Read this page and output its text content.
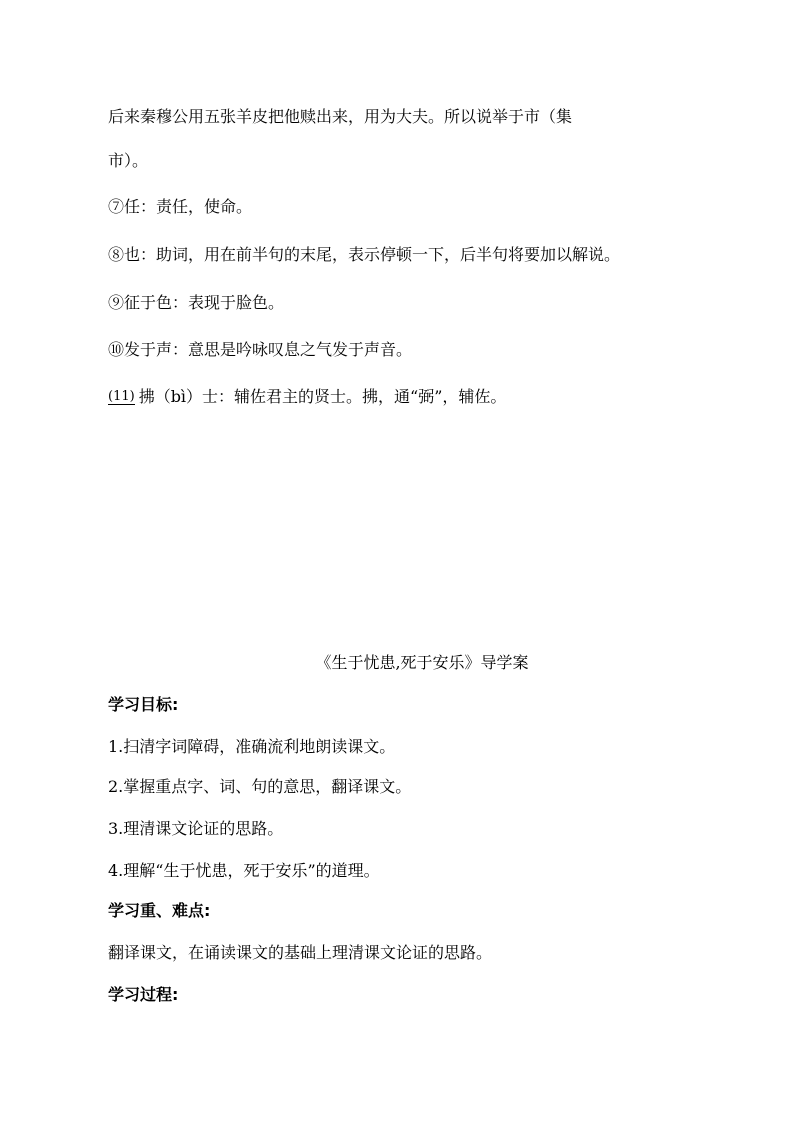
后来秦穆公用五张羊皮把他赎出来，用为大夫。所以说举于市（集
市）。
⑦任：责任，使命。
⑧也：助词，用在前半句的末尾，表示停顿一下，后半句将要加以解说。
⑨征于色：表现于脸色。
⑩发于声：意思是吟咏叹息之气发于声音。
(11) 拂（bì）士：辅佐君主的贤士。拂，通“弼”，辅佐。
《生于忧患,死于安乐》导学案
学习目标:
1.扫清字词障碍，准确流利地朗读课文。
2.掌握重点字、词、句的意思，翻译课文。
3.理清课文论证的思路。
4.理解“生于忧患，死于安乐”的道理。
学习重、难点:
翻译课文，在诵读课文的基础上理清课文论证的思路。
学习过程:
